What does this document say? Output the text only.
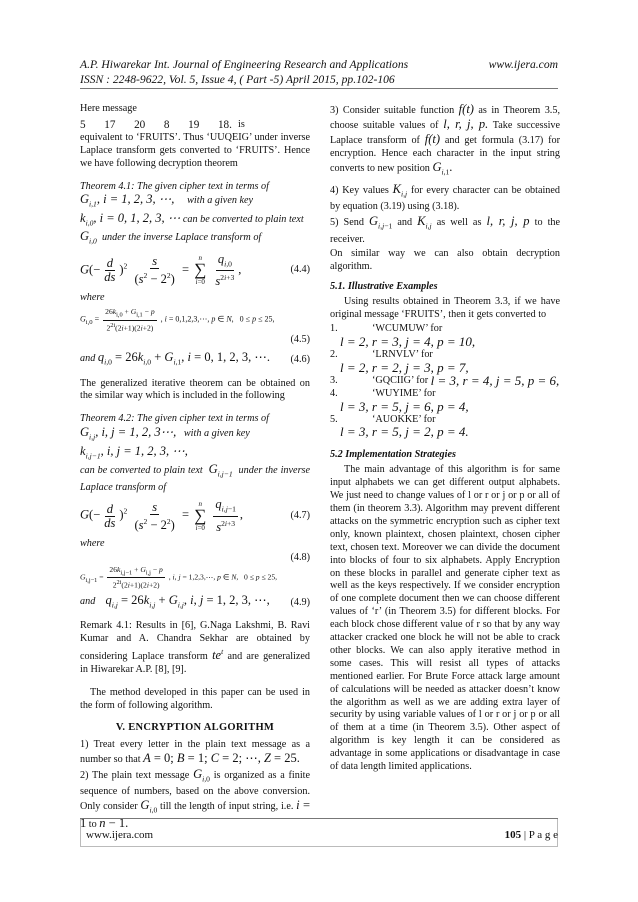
A.P. Hiwarekar Int. Journal of Engineering Research and Applications	www.ijera.com
ISSN : 2248-9622, Vol. 5, Issue 4, ( Part -5) April 2015, pp.102-106

Here message

5 17 20 8 19 18. is

equivalent to ‘FRUITS’. Thus ‘UUQEIG’ under inverse Laplace transform gets converted to ‘FRUITS’. Hence we have following decryption theorem

Theorem 4.1: The given cipher text in terms of
$G_{i,1}$, i = 1, 2, 3, ⋯, with a given key
$k_{i,0}$, i = 0, 1, 2, 3, ⋯ can be converted to plain text
$G_{i,0}$ under the inverse Laplace transform of

$G(- \frac{d}{ds} )^2 \frac{s}{(s^2 - 2^2)}$ =
n
∑
i=0
$\frac{q_{i,0}}{s^{2i+3}}$ ,	(4.4)

where

$G_{i,0} = \frac{26k_{i,0} + G_{i,1} - p}{2^{2i}(2i+1)(2i+2)}$ , i = 0,1,2,3,⋯, p ∈ N,   0 ≤ p ≤ 25,
(4.5)
and $q_{i,0} = 26k_{i,0} + G_{i,1}$, i = 0, 1, 2, 3, ⋯. (4.6)

The generalized iterative theorem can be obtained on the similar way which is included in the following

Theorem 4.2: The given cipher text in terms of
$G_{i,j}$, i, j = 1, 2, 3⋯, with a given key
$k_{i,j-1}$, i, j = 1, 2, 3, ⋯,
can be converted to plain text $G_{i,j-1}$ under the inverse Laplace transform of

$G(- \frac{d}{ds} )^2 \frac{s}{(s^2 - 2^2)}$ =
n
∑
i=0
$\frac{q_{i,j-1}}{s^{2i+3}}$ ,	(4.7)

where

(4.8)
$G_{i,j-1} = \frac{26k_{i,j-1} + G_{i,j} - p}{2^{2i}(2i+1)(2i+2)}$ , i, j = 1,2,3,⋯, p ∈ N,   0 ≤ p ≤ 25,
and $q_{i,j} = 26k_{i,j} + G_{i,j}$, i, j = 1, 2, 3, ⋯, (4.9)

Remark 4.1: Results in [6], G.Naga Lakshmi, B. Ravi Kumar and A. Chandra Sekhar are obtained by considering Laplace transform $te^t$ and are generalized in Hiwarekar A.P. [8], [9].

The method developed in this paper can be used in the form of following algorithm.

V. ENCRYPTION ALGORITHM

1) Treat every letter in the plain text message as a number so that A = 0; B = 1; C = 2; ⋯, Z = 25.

2) The plain text message $G_{i,0}$ is organized as a finite sequence of numbers, based on the above conversion. Only consider $G_{i,0}$ till the length of input string, i.e. i = 1 to n − 1.

3) Consider suitable function f(t) as in Theorem 3.5, choose suitable values of l, r, j, p. Take successive Laplace transform of f(t) and get formula (3.17) for encryption. Hence each character in the input string converts to new position $G_{i,1}$.

4) Key values $K_{i,j}$ for every character can be obtained by equation (3.19) using (3.18).

5) Send $G_{i,j-1}$ and $K_{i,j}$ as well as l, r, j, p to the receiver.

On similar way we can also obtain decryption algorithm.

5.1. Illustrative Examples

Using results obtained in Theorem 3.3, if we have original message ‘FRUITS’, then it gets converted to

1.	‘WCUMUW’ for
l = 2, r = 3, j = 4, p = 10,
2.	‘LRNVLV’ for
l = 2, r = 2, j = 3, p = 7,
3.	‘GQCIIG’ for
l = 3, r = 4, j = 5, p = 6,
4.	‘WUYIME’ for
l = 3, r = 5, j = 6, p = 4,
5.	‘AUOKKE’ for
l = 3, r = 5, j = 2, p = 4.
5.2 Implementation Strategies

The main advantage of this algorithm is for same input alphabets we can get different output alphabets. We just need to change values of l or r or j or p or all of them (in theorem 3.3). Algorithm may prevent different attacks on the symmetric encryption such as cipher text only, known plaintext, chosen plaintext, chosen cipher text, chosen text. Moreover we can divide the document into blocks of four to six alphabets. Apply Encryption on these blocks in parallel and generate cipher text as well as the keys respectively. If we consider encryption of one complete document then we can choose different values of ‘r’ (in Theorem 3.5) for different blocks. For each block chose different value of r so that by any way attacker cracked one block he will not be able to crack other blocks. We can also apply iterative method in some cases. This will resist all types of attacks mentioned earlier. For Brute Force attack large amount of calculations will be needed as attacker doesn’t know the algorithm as well as we are adding extra layer of security by using variable values of l or r or j or p or all of them at a time (in Theorem 3.5). Other aspect of algorithm is key length it can be considered as advantage in some applications or disadvantage in case of data length limited applications.

www.ijera.com	105 | P a g e
